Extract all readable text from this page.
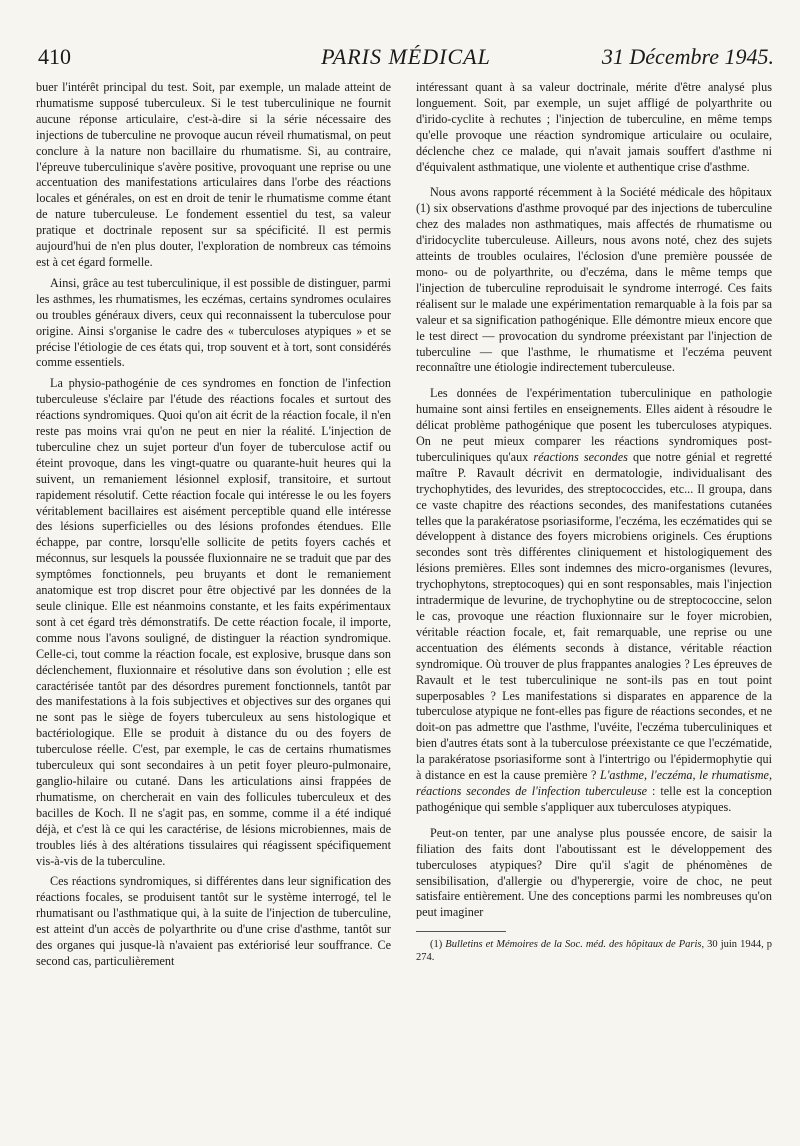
410	PARIS MÉDICAL	31 Décembre 1945.

buer l'intérêt principal du test. Soit, par exemple, un malade atteint de rhumatisme supposé tuberculeux. Si le test tuberculinique ne fournit aucune réponse articulaire, c'est-à-dire si la série nécessaire des injections de tuberculine ne provoque aucun réveil rhumatismal, on peut conclure à la nature non bacillaire du rhumatisme. Si, au contraire, l'épreuve tuberculinique s'avère positive, provoquant une reprise ou une accentuation des manifestations articulaires dans l'orbe des réactions locales et générales, on est en droit de tenir le rhumatisme comme étant de nature tuberculeuse. Le fondement essentiel du test, sa valeur pratique et doctrinale reposent sur sa spécificité. Il est permis aujourd'hui de n'en plus douter, l'exploration de nombreux cas témoins est à cet égard formelle.

Ainsi, grâce au test tuberculinique, il est possible de distinguer, parmi les asthmes, les rhumatismes, les eczémas, certains syndromes oculaires ou troubles généraux divers, ceux qui reconnaissent la tuberculose pour origine. Ainsi s'organise le cadre des « tuberculoses atypiques » et se précise l'étiologie de ces états qui, trop souvent et à tort, sont considérés comme essentiels.

La physio-pathogénie de ces syndromes en fonction de l'infection tuberculeuse s'éclaire par l'étude des réactions focales et surtout des réactions syndromiques. Quoi qu'on ait écrit de la réaction focale, il n'en reste pas moins vrai qu'on ne peut en nier la réalité. L'injection de tuberculine chez un sujet porteur d'un foyer de tuberculose actif ou éteint provoque, dans les vingt-quatre ou quarante-huit heures qui la suivent, un remaniement lésionnel explosif, transitoire, et surtout rapidement résolutif. Cette réaction focale qui intéresse le ou les foyers véritablement bacillaires est aisément perceptible quand elle intéresse des lésions superficielles ou des lésions profondes étendues. Elle échappe, par contre, lorsqu'elle sollicite de petits foyers cachés et méconnus, sur lesquels la poussée fluxionnaire ne se traduit que par des symptômes fonctionnels, peu bruyants et dont le remaniement anatomique est trop discret pour être objectivé par les données de la seule clinique. Elle est néanmoins constante, et les faits expérimentaux sont à cet égard très démonstratifs. De cette réaction focale, il importe, comme nous l'avons souligné, de distinguer la réaction syndromique. Celle-ci, tout comme la réaction focale, est explosive, brusque dans son déclenchement, fluxionnaire et résolutive dans son évolution ; elle est caractérisée tantôt par des désordres purement fonctionnels, tantôt par des manifestations à la fois subjectives et objectives sur des organes qui ne sont pas le siège de foyers tuberculeux au sens histologique et bactériologique. Elle se produit à distance du ou des foyers de tuberculose réelle. C'est, par exemple, le cas de certains rhumatismes tuberculeux qui sont secondaires à un petit foyer pleuro-pulmonaire, ganglio-hilaire ou cutané. Dans les articulations ainsi frappées de rhumatisme, on chercherait en vain des follicules tuberculeux et des bacilles de Koch. Il ne s'agit pas, en somme, comme il a été indiqué déjà, et c'est là ce qui les caractérise, de lésions microbiennes, mais de troubles liés à des altérations tissulaires qui réagissent spécifiquement vis-à-vis de la tuberculine.

Ces réactions syndromiques, si différentes dans leur signification des réactions focales, se produisent tantôt sur le système interrogé, tel le rhumatisant ou l'asthmatique qui, à la suite de l'injection de tuberculine, est atteint d'un accès de polyarthrite ou d'une crise d'asthme, tantôt sur des organes qui jusque-là n'avaient pas extériorisé leur souffrance. Ce second cas, particulièrement

intéressant quant à sa valeur doctrinale, mérite d'être analysé plus longuement. Soit, par exemple, un sujet affligé de polyarthrite ou d'irido-cyclite à rechutes ; l'injection de tuberculine, en même temps qu'elle provoque une réaction syndromique articulaire ou oculaire, déclenche chez ce malade, qui n'avait jamais souffert d'asthme ni d'équivalent asthmatique, une violente et authentique crise d'asthme.

Nous avons rapporté récemment à la Société médicale des hôpitaux (1) six observations d'asthme provoqué par des injections de tuberculine chez des malades non asthmatiques, mais affectés de rhumatisme ou d'iridocyclite tuberculeuse. Ailleurs, nous avons noté, chez des sujets atteints de troubles oculaires, l'éclosion d'une première poussée de mono- ou de polyarthrite, ou d'eczéma, dans le même temps que l'injection de tuberculine reproduisait le syndrome interrogé. Ces faits réalisent sur le malade une expérimentation remarquable à la fois par sa valeur et sa signification pathogénique. Elle démontre mieux encore que le test direct — provocation du syndrome préexistant par l'injection de tuberculine — que l'asthme, le rhumatisme et l'eczéma peuvent reconnaître une étiologie indirectement tuberculeuse.

Les données de l'expérimentation tuberculinique en pathologie humaine sont ainsi fertiles en enseignements. Elles aident à résoudre le délicat problème pathogénique que posent les tuberculoses atypiques. On ne peut mieux comparer les réactions syndromiques post-tuberculiniques qu'aux réactions secondes que notre génial et regretté maître P. Ravault décrivit en dermatologie, individualisant des trychophytides, des levurides, des streptococcides, etc... Il groupa, dans ce vaste chapitre des réactions secondes, des manifestations cutanées telles que la parakératose psoriasiforme, l'eczéma, les eczématides qui se développent à distance des foyers microbiens originels. Ces éruptions secondes sont très différentes cliniquement et histologiquement des lésions premières. Elles sont indemnes des micro-organismes (levures, trychophytons, streptocoques) qui en sont responsables, mais l'injection intradermique de levurine, de trychophytine ou de streptococcine, selon le cas, provoque une réaction fluxionnaire sur le foyer microbien, véritable réaction focale, et, fait remarquable, une reprise ou une accentuation des éléments seconds à distance, véritable réaction syndromique. Où trouver de plus frappantes analogies ? Les épreuves de Ravault et le test tuberculinique ne sont-ils pas en tout point superposables ? Les manifestations si disparates en apparence de la tuberculose atypique ne font-elles pas figure de réactions secondes, et ne doit-on pas admettre que l'asthme, l'uvéite, l'eczéma tuberculiniques et bien d'autres états sont à la tuberculose préexistante ce que l'eczématide, la parakératose psoriasiforme sont à l'intertrigo ou l'épidermophytie qui à distance en est la cause première ? L'asthme, l'eczéma, le rhumatisme, réactions secondes de l'infection tuberculeuse : telle est la conception pathogénique qui semble s'appliquer aux tuberculoses atypiques.

Peut-on tenter, par une analyse plus poussée encore, de saisir la filiation des faits dont l'aboutissant est le développement des tuberculoses atypiques? Dire qu'il s'agit de phénomènes de sensibilisation, d'allergie ou d'hyperergie, voire de choc, ne peut satisfaire entièrement. Une des conceptions parmi les nombreuses qu'on peut imaginer

(1) Bulletins et Mémoires de la Soc. méd. des hôpitaux de Paris, 30 juin 1944, p 274.
